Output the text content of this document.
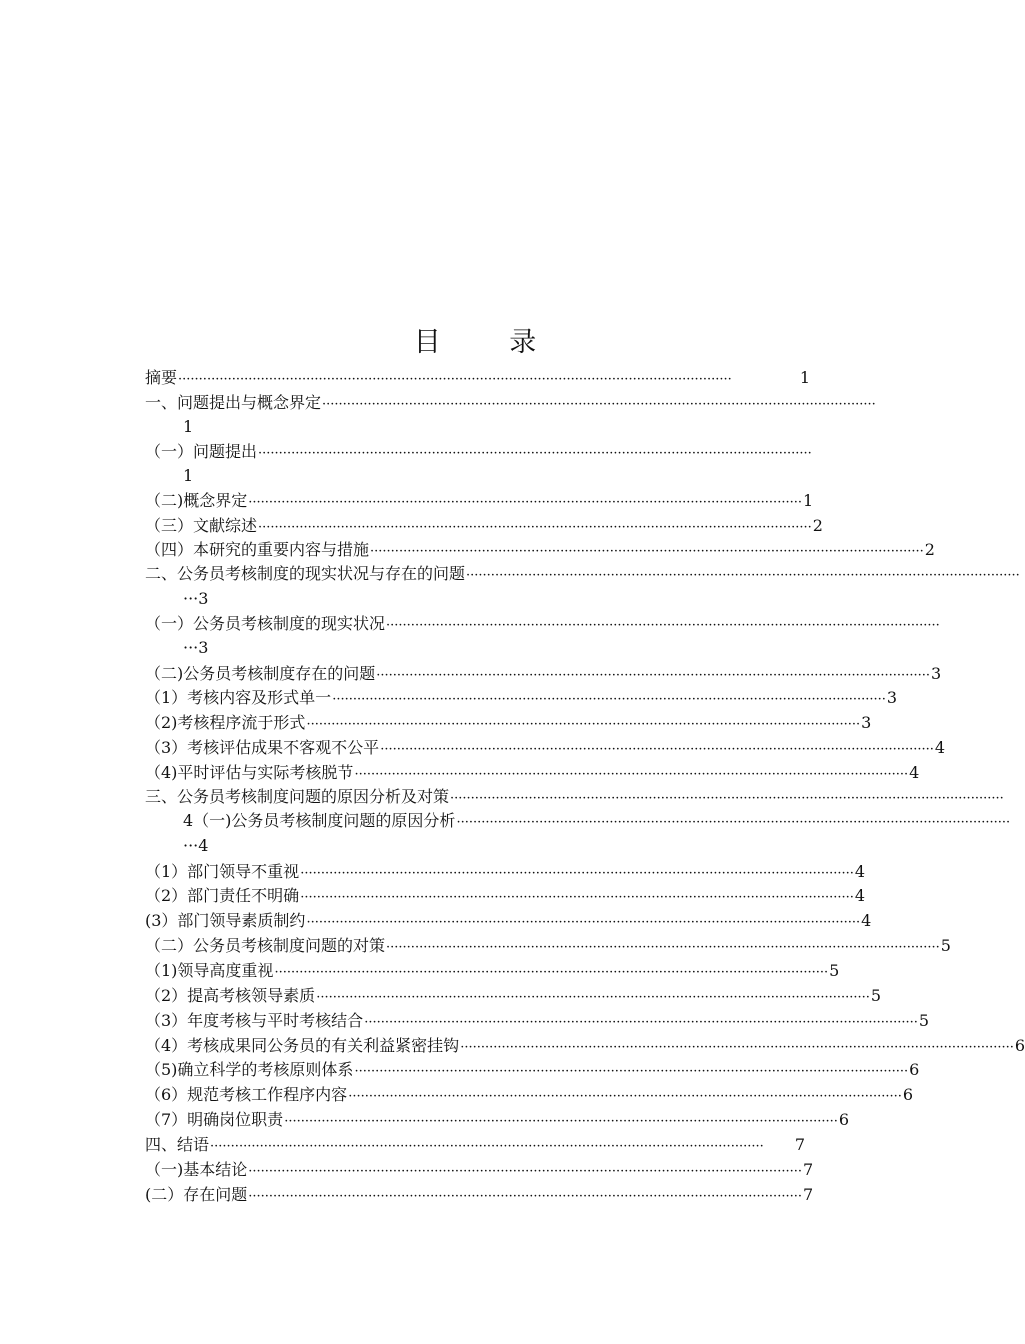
目 录
摘要 ······································································································································	1
一、问题提出与概念界定 ······································································································································
1
（一）问题提出 ······································································································································
1
（二)概念界定 ······································································································································ 1
（三）文献综述 ······································································································································ 2
（四）本研究的重要内容与措施 ······································································································································ 2
二、公务员考核制度的现实状况与存在的问题 ······································································································································
···3
（一）公务员考核制度的现实状况 ······································································································································
···3
（二)公务员考核制度存在的问题 ······································································································································ 3
（1）考核内容及形式单一 ······································································································································ 3
（2)考核程序流于形式 ······································································································································ 3
（3）考核评估成果不客观不公平 ······································································································································ 4
（4)平时评估与实际考核脱节 ······································································································································ 4
三、公务员考核制度问题的原因分析及对策 ······································································································································
4（一)公务员考核制度问题的原因分析 ······································································································································
···4
（1）部门领导不重视 ······································································································································ 4
（2）部门责任不明确 ······································································································································ 4
(3）部门领导素质制约 ······································································································································ 4
（二）公务员考核制度问题的对策 ······································································································································ 5
（1)领导高度重视 ······································································································································ 5
（2）提高考核领导素质 ······································································································································ 5
（3）年度考核与平时考核结合 ······································································································································ 5
（4）考核成果同公务员的有关利益紧密挂钩 ······································································································································ 6
（5)确立科学的考核原则体系 ······································································································································ 6
（6）规范考核工作程序内容 ······································································································································ 6
（7）明确岗位职责 ······································································································································ 6
四、结语 ······································································································································	7
（一)基本结论 ······································································································································ 7
(二）存在问题 ······································································································································ 7
